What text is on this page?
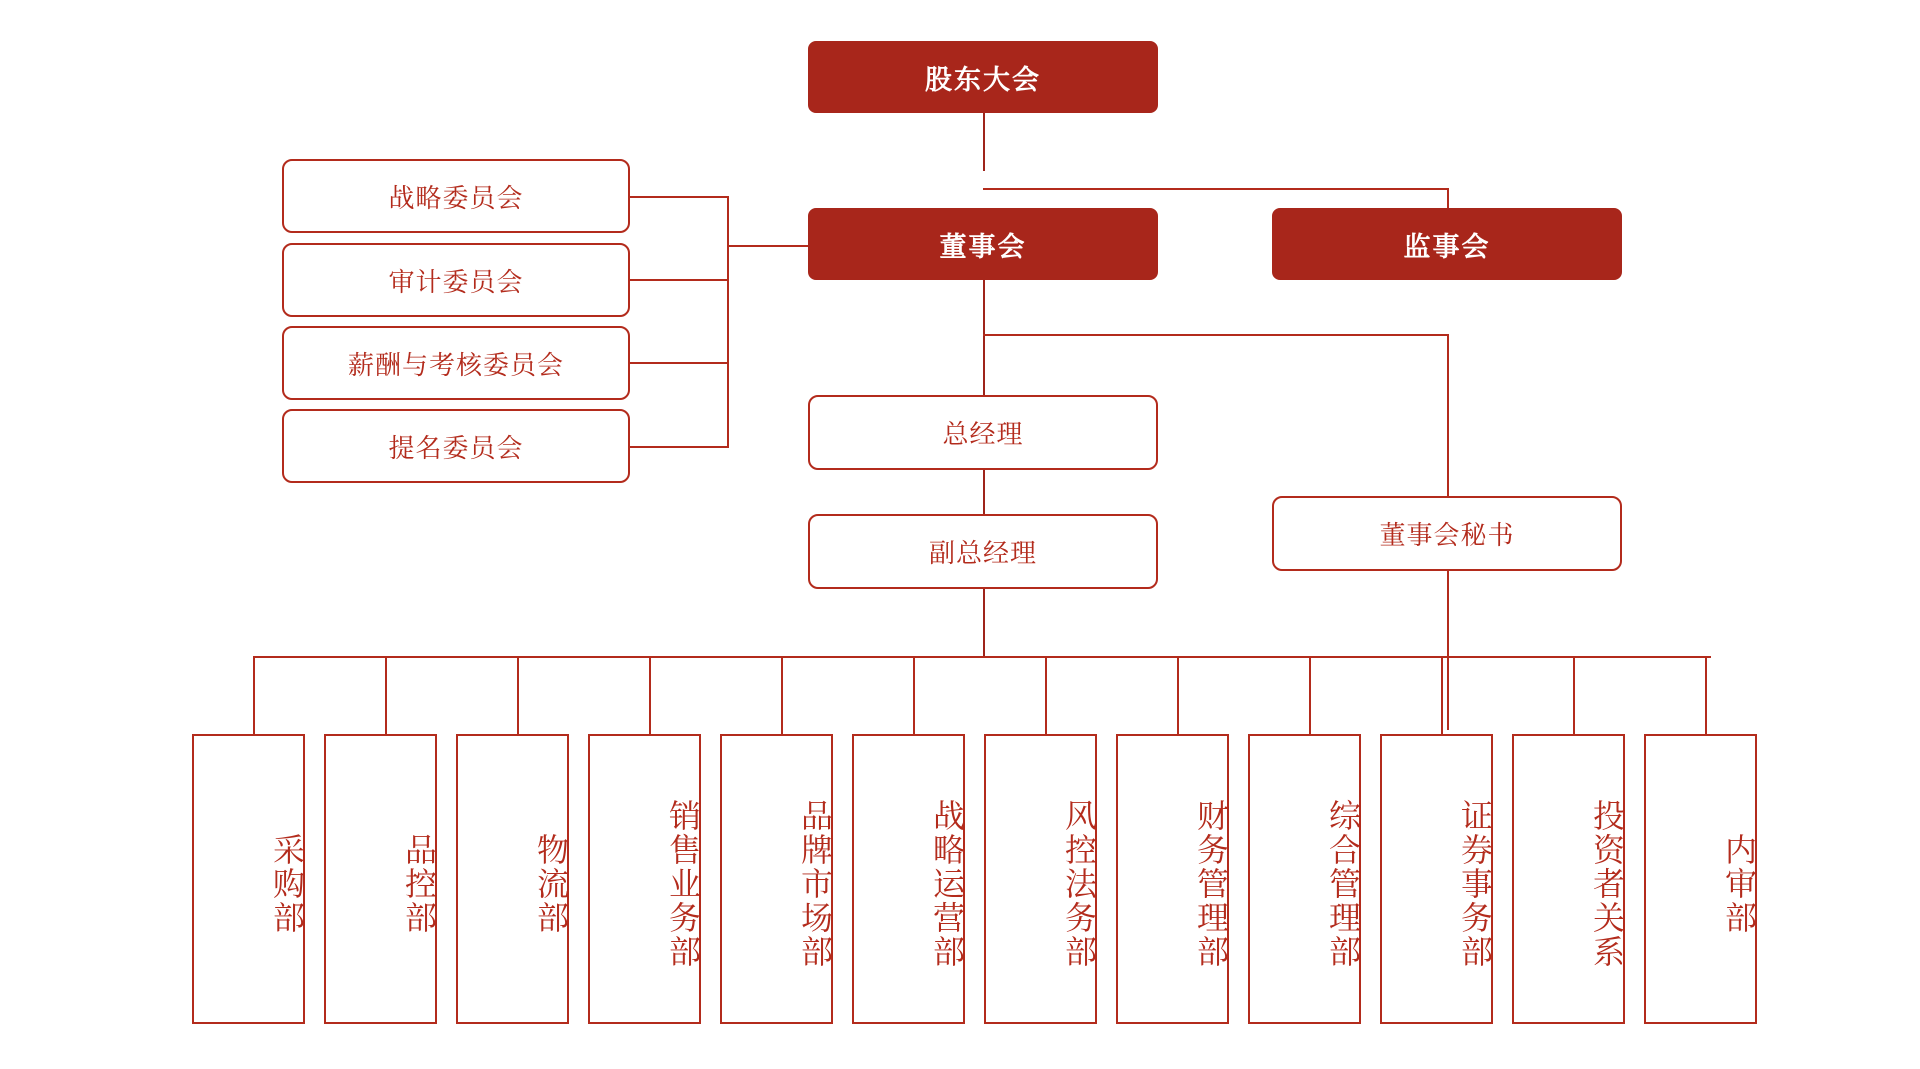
股东大会
董事会	监事会
战略委员会
审计委员会
薪酬与考核委员会
提名委员会	总经理
副总经理
董事会秘书
采购部	品控部	物流部	销售业务部	品牌市场部	战略运营部	风控法务部	财务管理部	综合管理部	证券事务部	投资者关系	内审部
